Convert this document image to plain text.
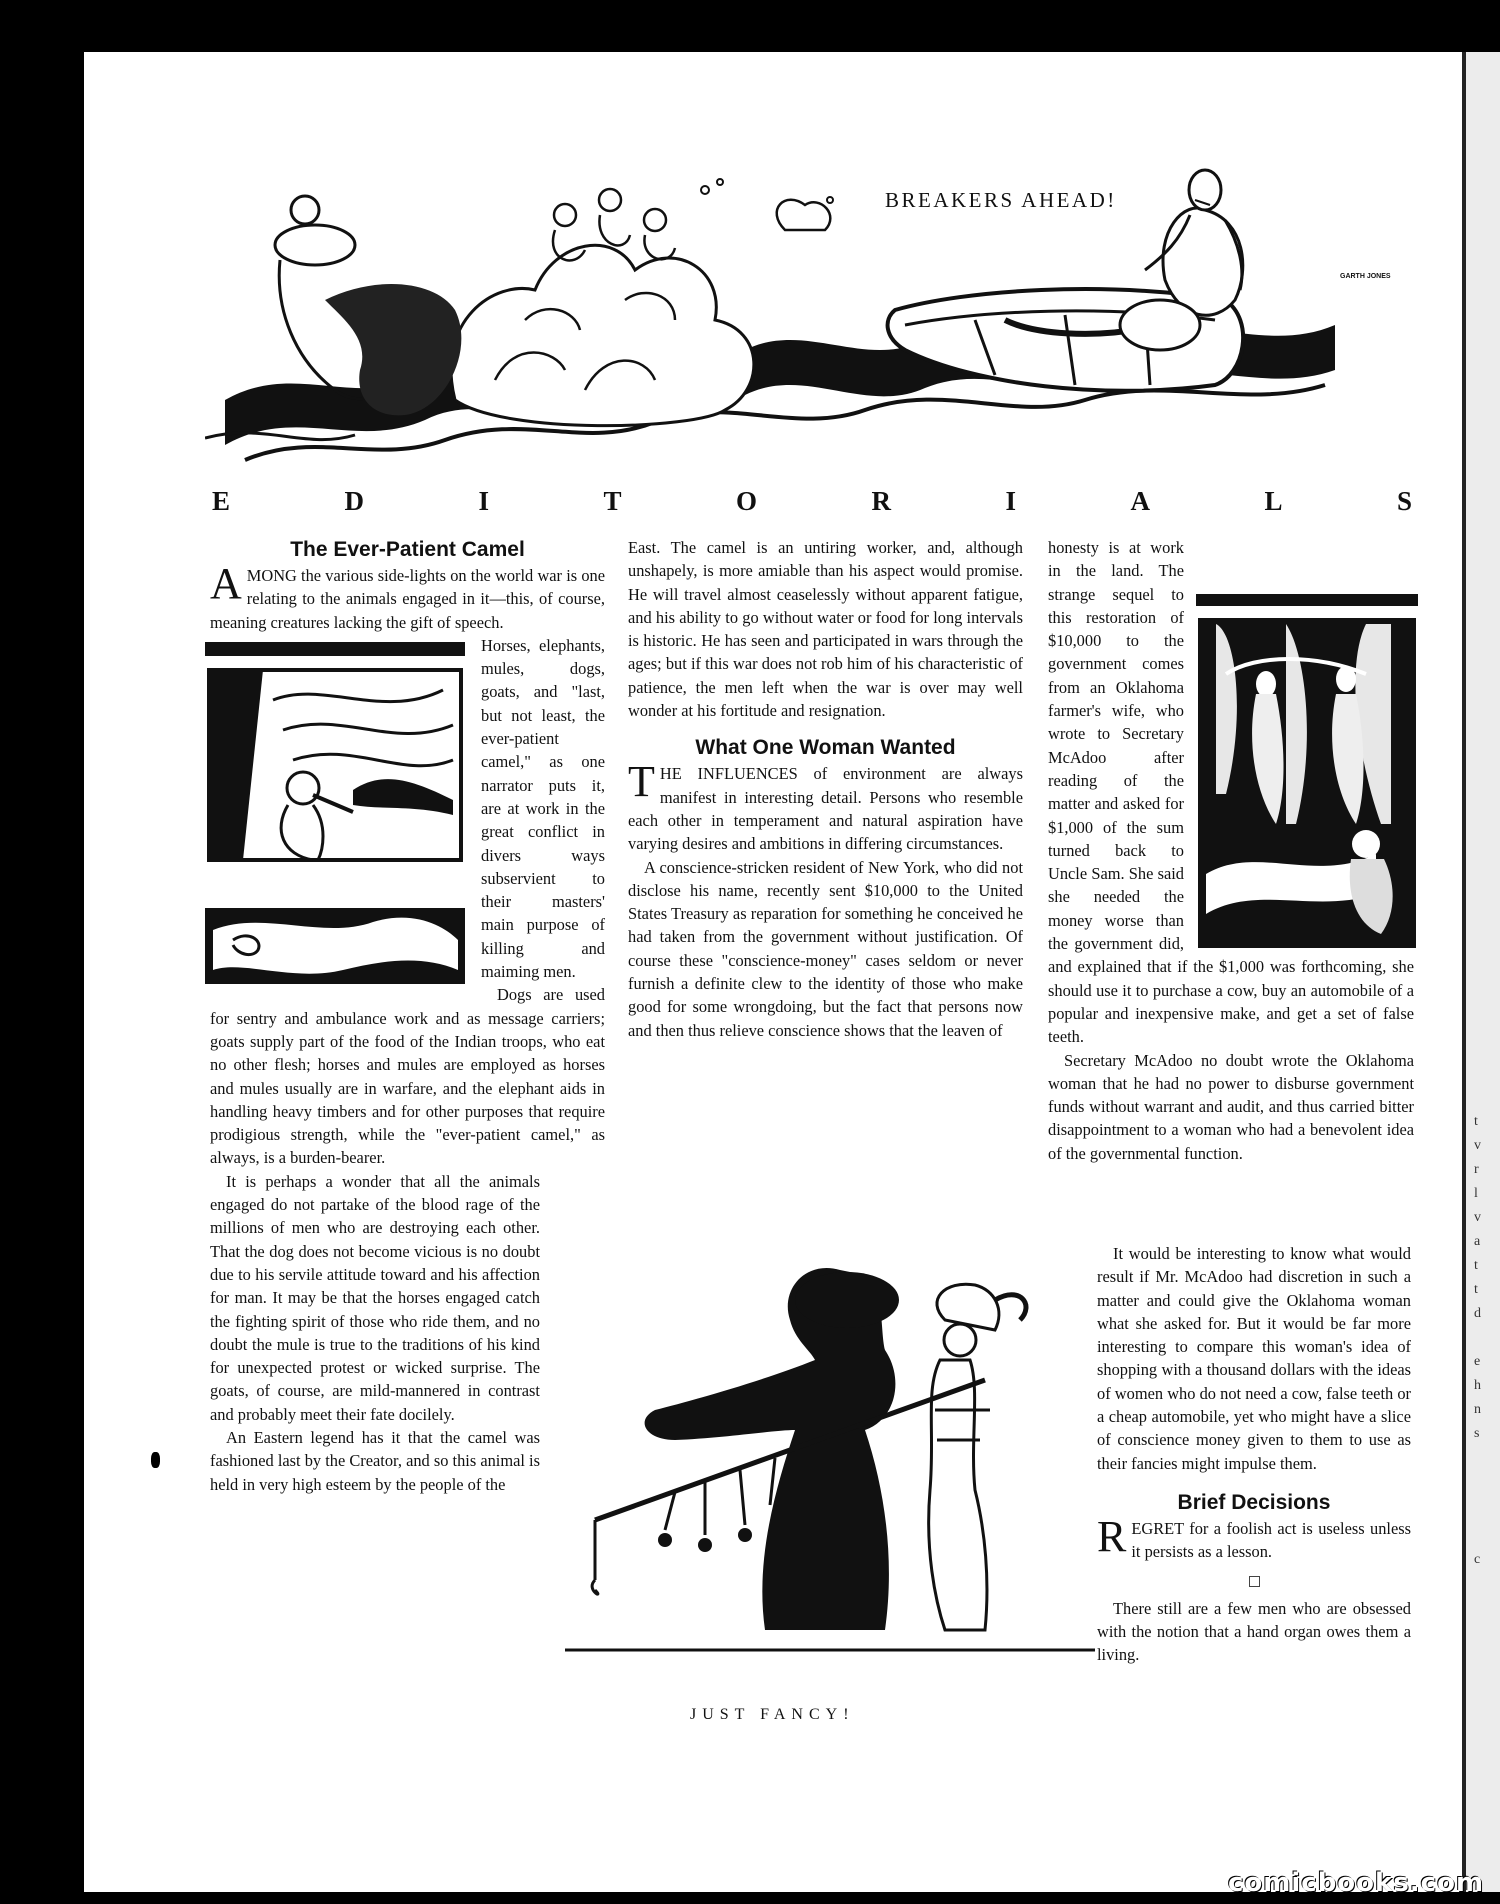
t
v
r
l
v
a
t
t
d
e
h
n
s
c
GARTH JONES
BREAKERS AHEAD!
E	D	I	T	O	R	I	A	L	S
The Ever-Patient Camel

AMONG the various side-lights on the world war is one relating to the animals engaged in it—this, of course, meaning creatures lacking the gift of speech.

Horses, elephants, mules, dogs, goats, and "last, but not least, the ever-patient camel," as one narrator puts it, are at work in the great conflict in divers ways subservient to their masters' main purpose of killing and maiming men.

Dogs are used for sentry and ambulance work and as message carriers; goats supply part of the food of the Indian troops, who eat no other flesh; horses and mules are employed as horses and mules usually are in warfare, and the elephant aids in handling heavy timbers and for other purposes that require prodigious strength, while the "ever-patient camel," as always, is a burden-bearer.

It is perhaps a wonder that all the animals engaged do not partake of the blood rage of the millions of men who are destroying each other. That the dog does not become vicious is no doubt due to his servile attitude toward and his affection for man. It may be that the horses engaged catch the fighting spirit of those who ride them, and no doubt the mule is true to the traditions of his kind for unexpected protest or wicked surprise. The goats, of course, are mild-mannered in contrast and probably meet their fate docilely.

An Eastern legend has it that the camel was fashioned last by the Creator, and so this animal is held in very high esteem by the people of the

East. The camel is an untiring worker, and, although unshapely, is more amiable than his aspect would promise. He will travel almost ceaselessly without apparent fatigue, and his ability to go without water or food for long intervals is historic. He has seen and participated in wars through the ages; but if this war does not rob him of his characteristic of patience, the men left when the war is over may well wonder at his fortitude and resignation.

What One Woman Wanted

THE INFLUENCES of environment are always manifest in interesting detail. Persons who resemble each other in temperament and natural aspiration have varying desires and ambitions in differing circumstances.

A conscience-stricken resident of New York, who did not disclose his name, recently sent $10,000 to the United States Treasury as reparation for something he conceived he had taken from the government without justification. Of course these "conscience-money" cases seldom or never furnish a definite clew to the identity of those who make good for some wrongdoing, but the fact that persons now and then thus relieve conscience shows that the leaven of

honesty is at work in the land. The strange sequel to this restoration of $10,000 to the government comes from an Oklahoma farmer's wife, who wrote to Secretary McAdoo after reading of the matter and asked for $1,000 of the sum turned back to Uncle Sam. She said she needed the money worse than the government did, and explained that if the $1,000 was forthcoming, she should use it to purchase a cow, buy an automobile of a popular and inexpensive make, and get a set of false teeth.

Secretary McAdoo no doubt wrote the Oklahoma woman that he had no power to disburse government funds without warrant and audit, and thus carried bitter disappointment to a woman who had a benevolent idea of the governmental function.

It would be interesting to know what would result if Mr. McAdoo had discretion in such a matter and could give the Oklahoma woman what she asked for. But it would be far more interesting to compare this woman's idea of shopping with a thousand dollars with the ideas of women who do not need a cow, false teeth or a cheap automobile, yet who might have a slice of conscience money given to them to use as their fancies might impulse them.

Brief Decisions

REGRET for a foolish act is useless unless it persists as a lesson.

There still are a few men who are obsessed with the notion that a hand organ owes them a living.

JUST FANCY!
comicbooks.com
